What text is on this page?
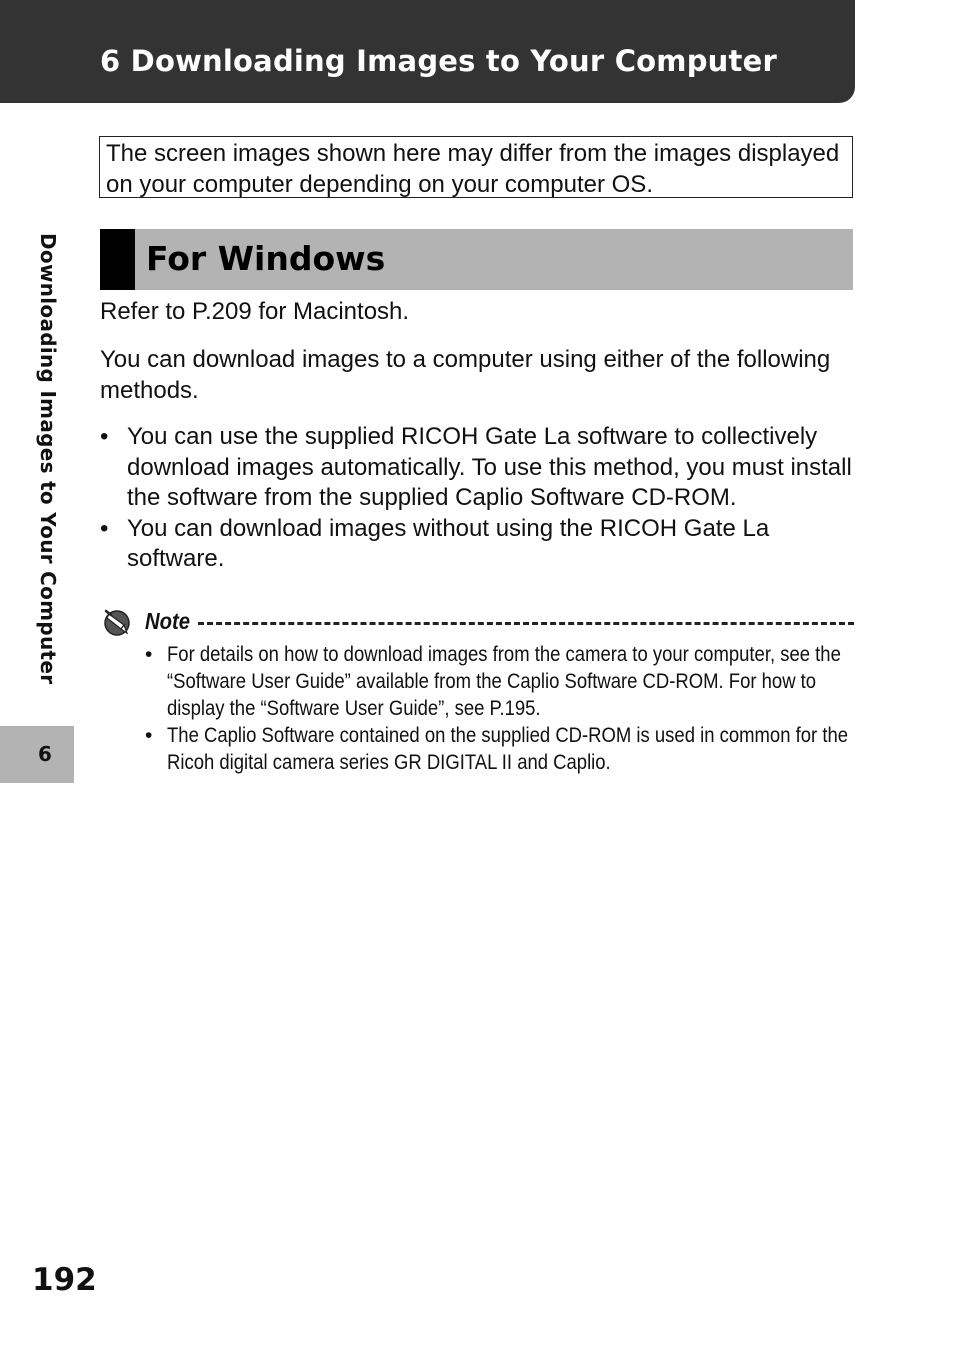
6 Downloading Images to Your Computer
The screen images shown here may differ from the images displayed on your computer depending on your computer OS.
For Windows
Refer to P.209 for Macintosh.
You can download images to a computer using either of the following methods.
• You can use the supplied RICOH Gate La software to collectively download images automatically. To use this method, you must install the software from the supplied Caplio Software CD-ROM.
• You can download images without using the RICOH Gate La software.
Note
• For details on how to download images from the camera to your computer, see the “Software User Guide” available from the Caplio Software CD-ROM. For how to display the “Software User Guide”, see P.195.
• The Caplio Software contained on the supplied CD-ROM is used in common for the Ricoh digital camera series GR DIGITAL II and Caplio.
Downloading Images to Your Computer
6
192
